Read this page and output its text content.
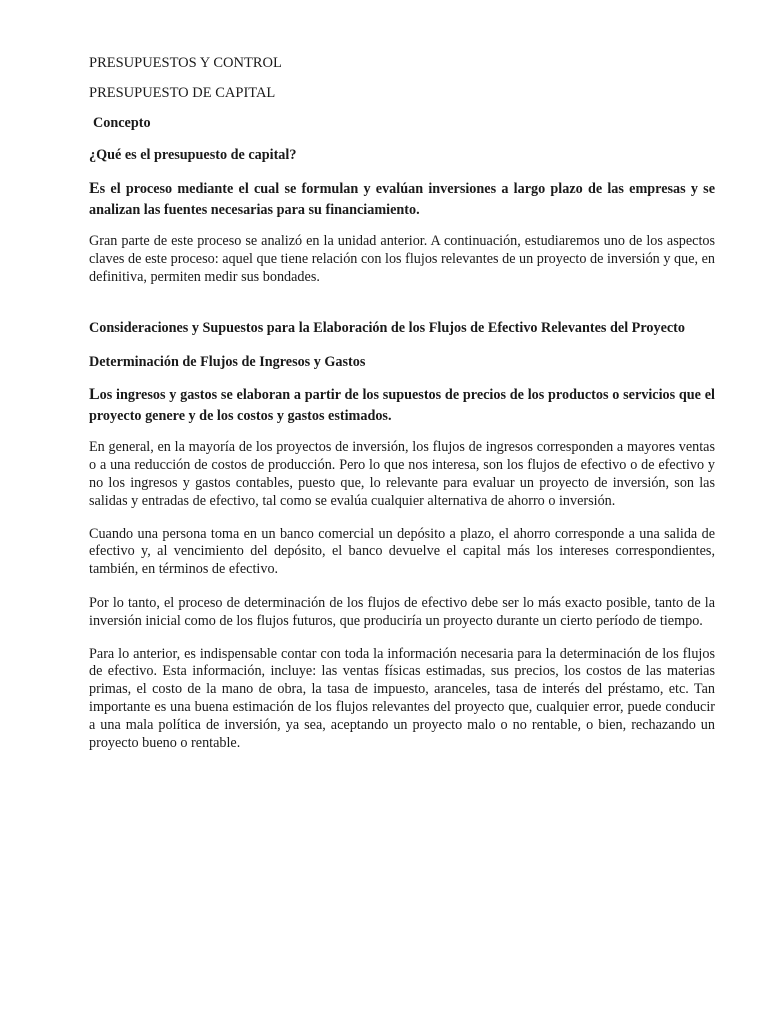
PRESUPUESTOS Y CONTROL

PRESUPUESTO DE CAPITAL

Concepto

¿Qué es el presupuesto de capital?

Es el proceso mediante el cual se formulan y evalúan inversiones a largo plazo de las empresas y se analizan las fuentes necesarias para su financiamiento.

Gran parte de este proceso se analizó en la unidad anterior. A continuación, estudiaremos uno de los aspectos claves de este proceso: aquel que tiene relación con los flujos relevantes de un proyecto de inversión y que, en definitiva, permiten medir sus bondades.

Consideraciones y Supuestos para la Elaboración de los Flujos de Efectivo Relevantes del Proyecto

Determinación de Flujos de Ingresos y Gastos

Los ingresos y gastos se elaboran a partir de los supuestos de precios de los productos o servicios que el proyecto genere y de los costos y gastos estimados.

En general, en la mayoría de los proyectos de inversión, los flujos de ingresos corresponden a mayores ventas o a una reducción de costos de producción. Pero lo que nos interesa, son los flujos de efectivo o de efectivo y no los ingresos y gastos contables, puesto que, lo relevante para evaluar un proyecto de inversión, son las salidas y entradas de efectivo, tal como se evalúa cualquier alternativa de ahorro o inversión.

Cuando una persona toma en un banco comercial un depósito a plazo, el ahorro corresponde a una salida de efectivo y, al vencimiento del depósito, el banco devuelve el capital más los intereses correspondientes, también, en términos de efectivo.

Por lo tanto, el proceso de determinación de los flujos de efectivo debe ser lo más exacto posible, tanto de la inversión inicial como de los flujos futuros, que produciría un proyecto durante un cierto período de tiempo.

Para lo anterior, es indispensable contar con toda la información necesaria para la determinación de los flujos de efectivo. Esta información, incluye: las ventas físicas estimadas, sus precios, los costos de las materias primas, el costo de la mano de obra, la tasa de impuesto, aranceles, tasa de interés del préstamo, etc. Tan importante es una buena estimación de los flujos relevantes del proyecto que, cualquier error, puede conducir a una mala política de inversión, ya sea, aceptando un proyecto malo o no rentable, o bien, rechazando un proyecto bueno o rentable.
